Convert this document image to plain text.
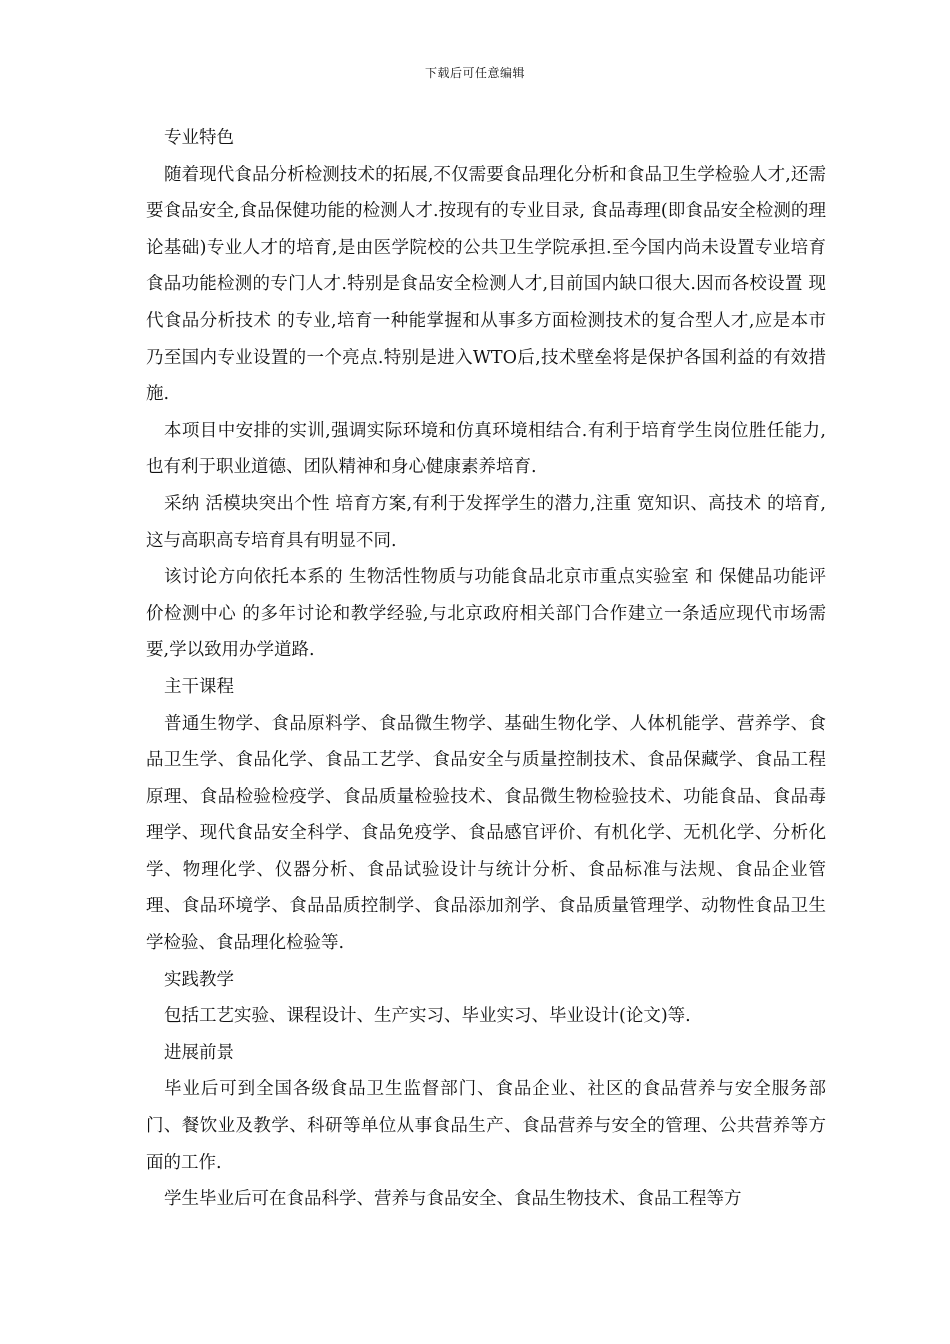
下载后可任意编辑

专业特色

随着现代食品分析检测技术的拓展,不仅需要食品理化分析和食品卫生学检验人才,还需要食品安全,食品保健功能的检测人才.按现有的专业目录, 食品毒理(即食品安全检测的理论基础)专业人才的培育,是由医学院校的公共卫生学院承担.至今国内尚未设置专业培育食品功能检测的专门人才.特别是食品安全检测人才,目前国内缺口很大.因而各校设置 现代食品分析技术 的专业,培育一种能掌握和从事多方面检测技术的复合型人才,应是本市乃至国内专业设置的一个亮点.特别是进入WTO后,技术壁垒将是保护各国利益的有效措施.

本项目中安排的实训,强调实际环境和仿真环境相结合.有利于培育学生岗位胜任能力,也有利于职业道德、团队精神和身心健康素养培育.

采纳 活模块突出个性 培育方案,有利于发挥学生的潜力,注重 宽知识、高技术 的培育,这与高职高专培育具有明显不同.

该讨论方向依托本系的 生物活性物质与功能食品北京市重点实验室 和 保健品功能评价检测中心 的多年讨论和教学经验,与北京政府相关部门合作建立一条适应现代市场需要,学以致用办学道路.

主干课程

普通生物学、食品原料学、食品微生物学、基础生物化学、人体机能学、营养学、食品卫生学、食品化学、食品工艺学、食品安全与质量控制技术、食品保藏学、食品工程原理、食品检验检疫学、食品质量检验技术、食品微生物检验技术、功能食品、食品毒理学、现代食品安全科学、食品免疫学、食品感官评价、有机化学、无机化学、分析化学、物理化学、仪器分析、食品试验设计与统计分析、食品标准与法规、食品企业管理、食品环境学、食品品质控制学、食品添加剂学、食品质量管理学、动物性食品卫生学检验、食品理化检验等.

实践教学

包括工艺实验、课程设计、生产实习、毕业实习、毕业设计(论文)等.

进展前景

毕业后可到全国各级食品卫生监督部门、食品企业、社区的食品营养与安全服务部门、餐饮业及教学、科研等单位从事食品生产、食品营养与安全的管理、公共营养等方面的工作.

学生毕业后可在食品科学、营养与食品安全、食品生物技术、食品工程等方
